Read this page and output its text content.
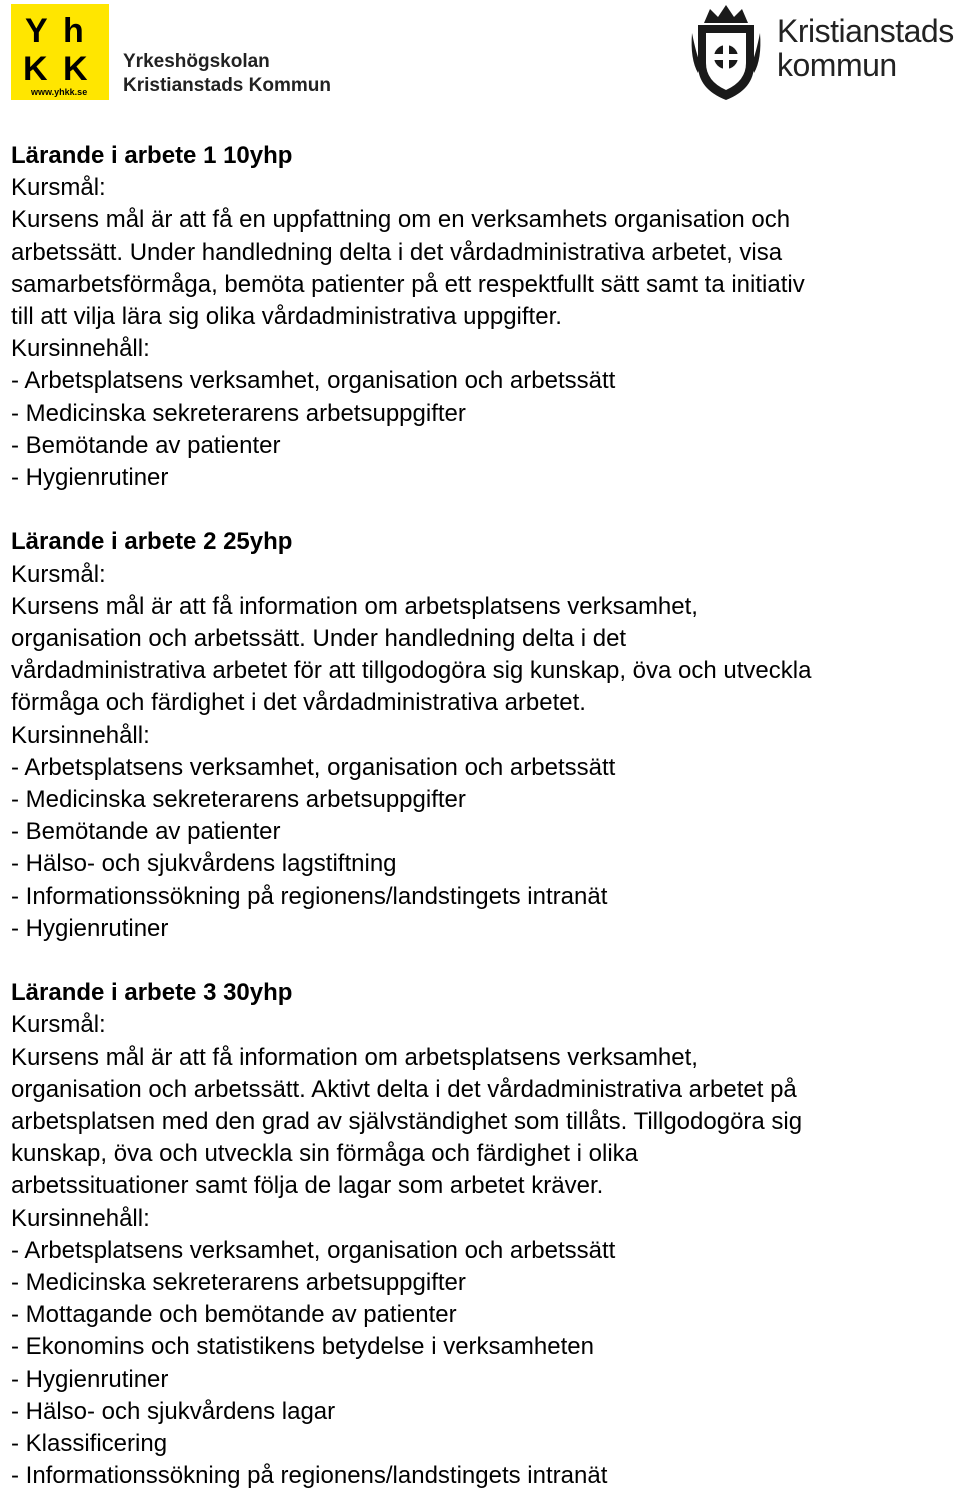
Y h
K K
www.yhkk.se
Yrkeshögskolan
Kristianstads Kommun
Kristianstads
kommun

Lärande i arbete 1 10yhp

Kursmål:

Kursens mål är att få en uppfattning om en verksamhets organisation och

arbetssätt. Under handledning delta i det vårdadministrativa arbetet, visa

samarbetsförmåga, bemöta patienter på ett respektfullt sätt samt ta initiativ

till att vilja lära sig olika vårdadministrativa uppgifter.

Kursinnehåll:

- Arbetsplatsens verksamhet, organisation och arbetssätt
- Medicinska sekreterarens arbetsuppgifter
- Bemötande av patienter
- Hygienrutiner

Lärande i arbete 2 25yhp

Kursmål:

Kursens mål är att få information om arbetsplatsens verksamhet,

organisation och arbetssätt. Under handledning delta i det

vårdadministrativa arbetet för att tillgodogöra sig kunskap, öva och utveckla

förmåga och färdighet i det vårdadministrativa arbetet.

Kursinnehåll:

- Arbetsplatsens verksamhet, organisation och arbetssätt
- Medicinska sekreterarens arbetsuppgifter
- Bemötande av patienter
- Hälso- och sjukvårdens lagstiftning
- Informationssökning på regionens/landstingets intranät
- Hygienrutiner

Lärande i arbete 3 30yhp

Kursmål:

Kursens mål är att få information om arbetsplatsens verksamhet,

organisation och arbetssätt. Aktivt delta i det vårdadministrativa arbetet på

arbetsplatsen med den grad av självständighet som tillåts. Tillgodogöra sig

kunskap, öva och utveckla sin förmåga och färdighet i olika

arbetssituationer samt följa de lagar som arbetet kräver.

Kursinnehåll:

- Arbetsplatsens verksamhet, organisation och arbetssätt
- Medicinska sekreterarens arbetsuppgifter
- Mottagande och bemötande av patienter
- Ekonomins och statistikens betydelse i verksamheten
- Hygienrutiner
- Hälso- och sjukvårdens lagar
- Klassificering
- Informationssökning på regionens/landstingets intranät
